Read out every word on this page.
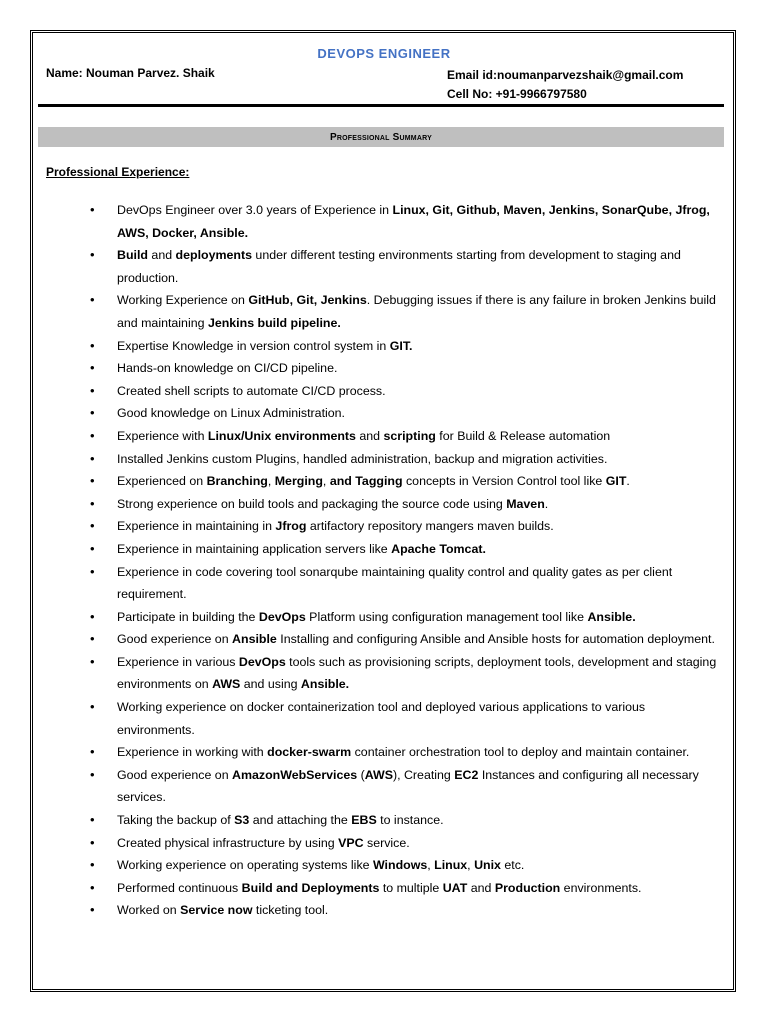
DEVOPS ENGINEER
Name: Nouman Parvez. Shaik	Email id:noumanparvezshaik@gmail.com
Cell No: +91-9966797580
Professional Summary
Professional Experience:
• DevOps Engineer over 3.0 years of Experience in Linux, Git, Github, Maven, Jenkins, SonarQube, Jfrog, AWS, Docker, Ansible.
• Build and deployments under different testing environments starting from development to staging and production.
• Working Experience on GitHub, Git, Jenkins. Debugging issues if there is any failure in broken Jenkins build and maintaining Jenkins build pipeline.
• Expertise Knowledge in version control system in GIT.
• Hands-on knowledge on CI/CD pipeline.
• Created shell scripts to automate CI/CD process.
• Good knowledge on Linux Administration.
• Experience with Linux/Unix environments and scripting for Build & Release automation
• Installed Jenkins custom Plugins, handled administration, backup and migration activities.
• Experienced on Branching, Merging, and Tagging concepts in Version Control tool like GIT.
• Strong experience on build tools and packaging the source code using Maven.
• Experience in maintaining in Jfrog artifactory repository mangers maven builds.
• Experience in maintaining application servers like Apache Tomcat.
• Experience in code covering tool sonarqube maintaining quality control and quality gates as per client requirement.
• Participate in building the DevOps Platform using configuration management tool like Ansible.
• Good experience on Ansible Installing and configuring Ansible and Ansible hosts for automation deployment.
• Experience in various DevOps tools such as provisioning scripts, deployment tools, development and staging environments on AWS and using Ansible.
• Working experience on docker containerization tool and deployed various applications to various environments.
• Experience in working with docker-swarm container orchestration tool to deploy and maintain container.
• Good experience on AmazonWebServices (AWS), Creating EC2 Instances and configuring all necessary services.
• Taking the backup of S3 and attaching the EBS to instance.
• Created physical infrastructure by using VPC service.
• Working experience on operating systems like Windows, Linux, Unix etc.
• Performed continuous Build and Deployments to multiple UAT and Production environments.
• Worked on Service now ticketing tool.
